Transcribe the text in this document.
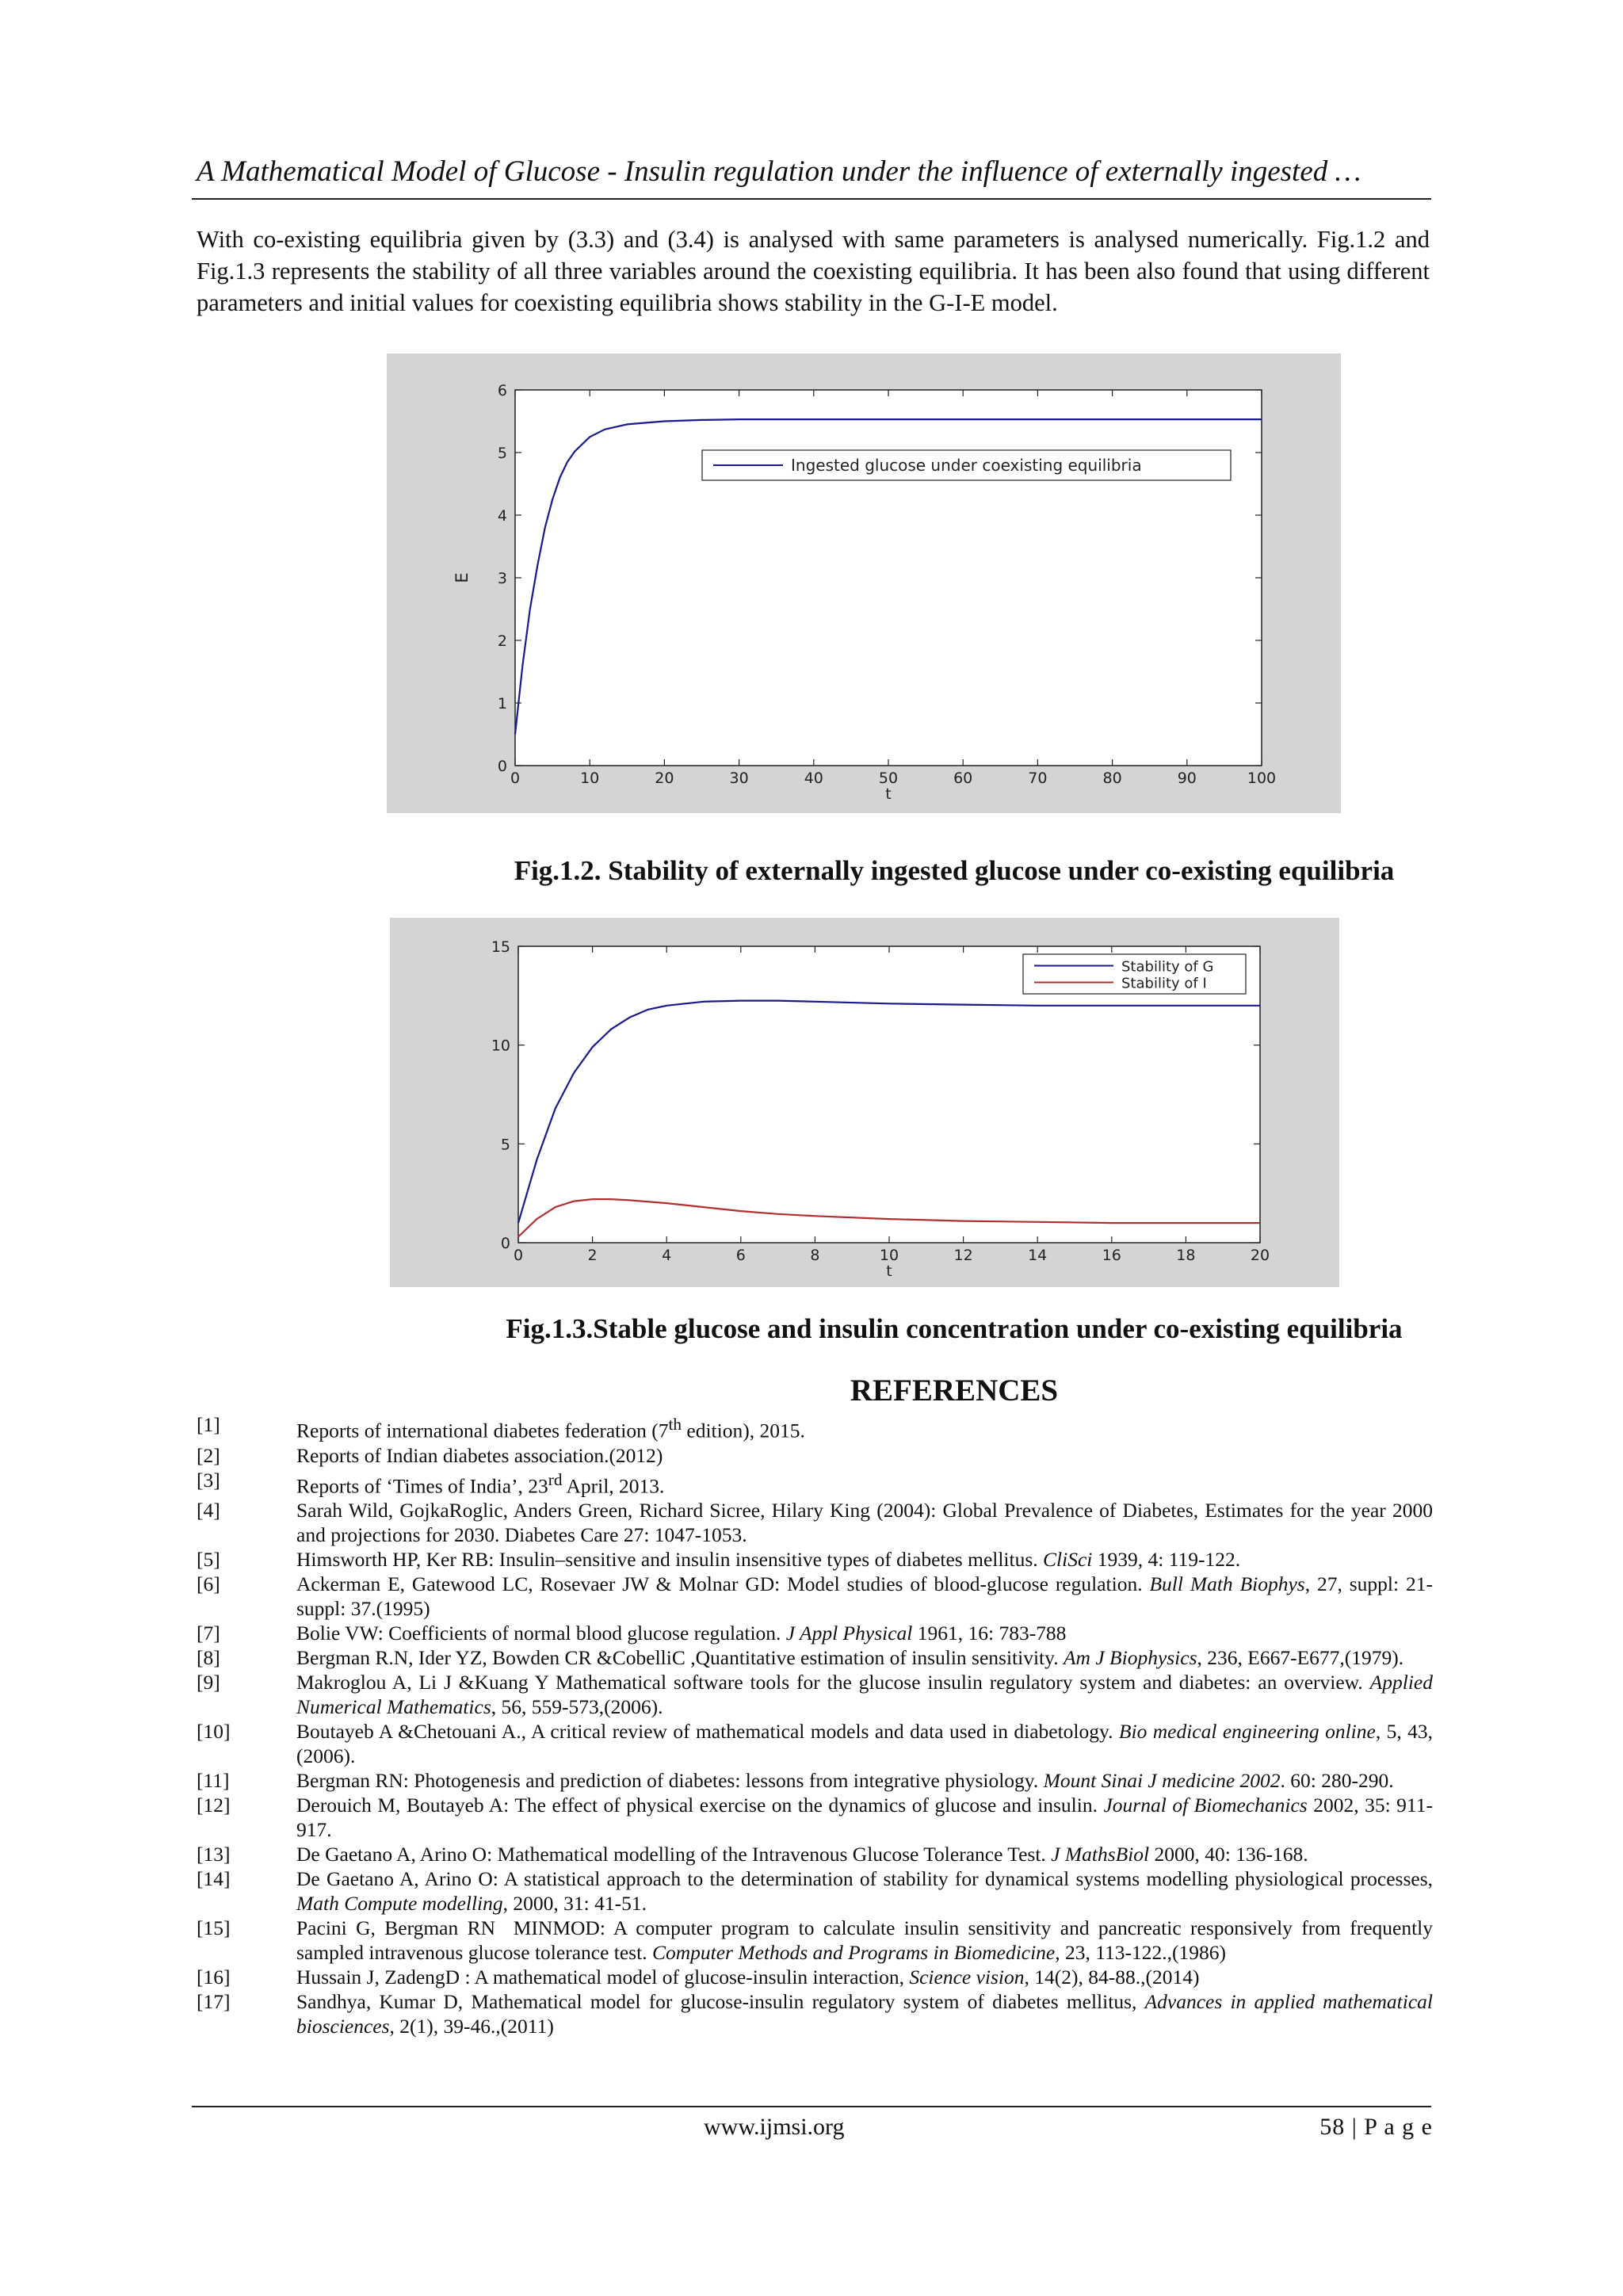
A Mathematical Model of Glucose - Insulin regulation under the influence of externally ingested …
With co-existing equilibria given by (3.3) and (3.4) is analysed with same parameters is analysed numerically. Fig.1.2 and Fig.1.3 represents the stability of all three variables around the coexisting equilibria. It has been also found that using different parameters and initial values for coexisting equilibria shows stability in the G-I-E model.
0	10	20	30	40	50	60	70	80	90	100
0
1
2
3
4
5
6
t
E
Ingested glucose under coexisting equilibria
Fig.1.2. Stability of externally ingested glucose under co-existing equilibria
0	2	4	6	8	10	12	14	16	18	20
0
5
10
15
t
Stability of G
Stability of I
Fig.1.3.Stable glucose and insulin concentration under co-existing equilibria
REFERENCES
[1]	Reports of international diabetes federation (7th edition), 2015.
[2]	Reports of Indian diabetes association.(2012)
[3]	Reports of ‘Times of India’, 23rd April, 2013.
[4]	Sarah Wild, GojkaRoglic, Anders Green, Richard Sicree, Hilary King (2004): Global Prevalence of Diabetes, Estimates for the year 2000 and projections for 2030. Diabetes Care 27: 1047-1053.
[5]	Himsworth HP, Ker RB: Insulin–sensitive and insulin insensitive types of diabetes mellitus. CliSci 1939, 4: 119-122.
[6]	Ackerman E, Gatewood LC, Rosevaer JW & Molnar GD: Model studies of blood-glucose regulation. Bull Math Biophys, 27, suppl: 21-suppl: 37.(1995)
[7]	Bolie VW: Coefficients of normal blood glucose regulation. J Appl Physical 1961, 16: 783-788
[8]	Bergman R.N, Ider YZ, Bowden CR &CobelliC ,Quantitative estimation of insulin sensitivity. Am J Biophysics, 236, E667-E677,(1979).
[9]	Makroglou A, Li J &Kuang Y Mathematical software tools for the glucose insulin regulatory system and diabetes: an overview. Applied Numerical Mathematics, 56, 559-573,(2006).
[10]	Boutayeb A &Chetouani A., A critical review of mathematical models and data used in diabetology. Bio medical engineering online, 5, 43,(2006).
[11]	Bergman RN: Photogenesis and prediction of diabetes: lessons from integrative physiology. Mount Sinai J medicine 2002. 60: 280-290.
[12]	Derouich M, Boutayeb A: The effect of physical exercise on the dynamics of glucose and insulin. Journal of Biomechanics 2002, 35: 911-917.
[13]	De Gaetano A, Arino O: Mathematical modelling of the Intravenous Glucose Tolerance Test. J MathsBiol 2000, 40: 136-168.
[14]	De Gaetano A, Arino O: A statistical approach to the determination of stability for dynamical systems modelling physiological processes, Math Compute modelling, 2000, 31: 41-51.
[15]	Pacini G, Bergman RN  MINMOD: A computer program to calculate insulin sensitivity and pancreatic responsively from frequently sampled intravenous glucose tolerance test. Computer Methods and Programs in Biomedicine, 23, 113-122.,(1986)
[16]	Hussain J, ZadengD : A mathematical model of glucose-insulin interaction, Science vision, 14(2), 84-88.,(2014)
[17]	Sandhya, Kumar D, Mathematical model for glucose-insulin regulatory system of diabetes mellitus, Advances in applied mathematical biosciences, 2(1), 39-46.,(2011)
www.ijmsi.org	58 | P a g e
